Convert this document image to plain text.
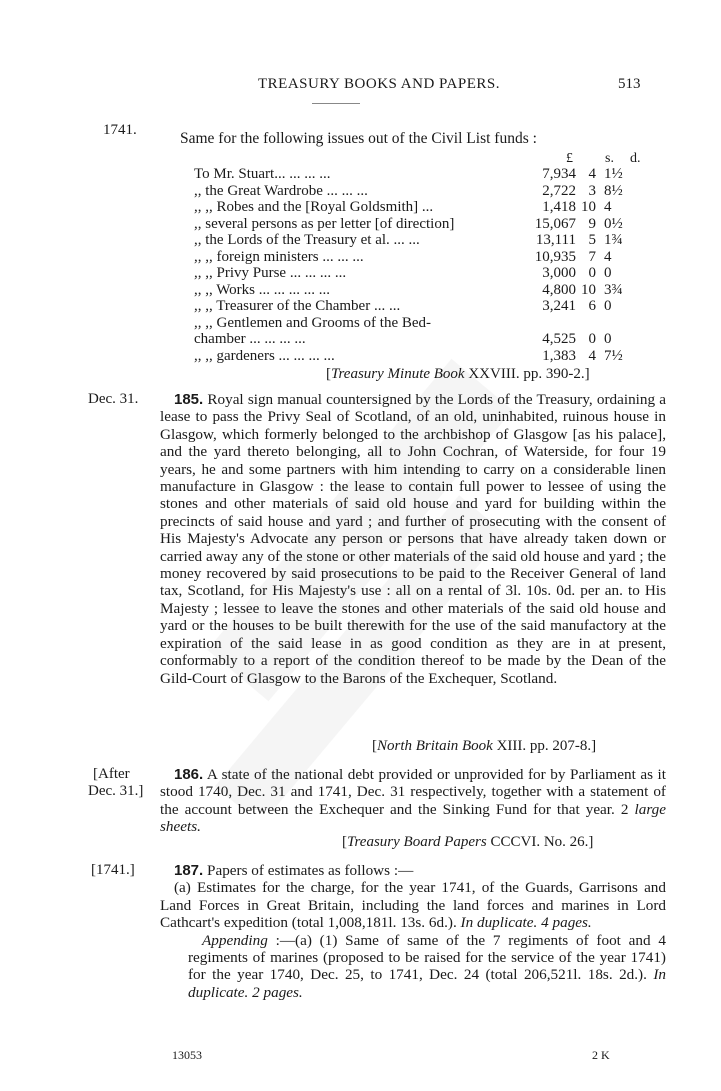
TREASURY BOOKS AND PAPERS.	513
1741.	Same for the following issues out of the Civil List funds :
£ s. d.
To Mr. Stuart... ... ... ...	7,934	4	1½
,, the Great Wardrobe ... ... ...	2,722	3	8½
,, ,, Robes and the [Royal Goldsmith] ...	1,418	10	4
,, several persons as per letter [of direction]	15,067	9	0½
,, the Lords of the Treasury et al. ... ...	13,111	5	1¾
,, ,, foreign ministers ... ... ...	10,935	7	4
,, ,, Privy Purse ... ... ... ...	3,000	0	0
,, ,, Works ... ... ... ... ...	4,800	10	3¾
,, ,, Treasurer of the Chamber ... ...	3,241	6	0
,, ,, Gentlemen and Grooms of the Bed-			
chamber ... ... ... ...	4,525	0	0
,, ,, gardeners ... ... ... ...	1,383	4	7½
[Treasury Minute Book XXVIII. pp. 390-2.]
Dec. 31.	185. Royal sign manual countersigned by the Lords of the Treasury, ordaining a lease to pass the Privy Seal of Scotland, of an old, uninhabited, ruinous house in Glasgow, which formerly belonged to the archbishop of Glasgow [as his palace], and the yard thereto belonging, all to John Cochran, of Waterside, for four 19 years, he and some partners with him intending to carry on a considerable linen manufacture in Glasgow : the lease to contain full power to lessee of using the stones and other materials of said old house and yard for building within the precincts of said house and yard ; and further of prosecuting with the consent of His Majesty's Advocate any person or persons that have already taken down or carried away any of the stone or other materials of the said old house and yard ; the money recovered by said prosecutions to be paid to the Receiver General of land tax, Scotland, for His Majesty's use : all on a rental of 3l. 10s. 0d. per an. to His Majesty ; lessee to leave the stones and other materials of the said old house and yard or the houses to be built therewith for the use of the said manufactory at the expiration of the said lease in as good condition as they are in at present, conformably to a report of the condition thereof to be made by the Dean of the Gild-Court of Glasgow to the Barons of the Exchequer, Scotland.
[North Britain Book XIII. pp. 207-8.]
[After
Dec. 31.]
186. A state of the national debt provided or unprovided for by Parliament as it stood 1740, Dec. 31 and 1741, Dec. 31 respectively, together with a statement of the account between the Exchequer and the Sinking Fund for that year. 2 large sheets.
[Treasury Board Papers CCCVI. No. 26.]
[1741.]	187. Papers of estimates as follows :—
(a) Estimates for the charge, for the year 1741, of the Guards, Garrisons and Land Forces in Great Britain, including the land forces and marines in Lord Cathcart's expedition (total 1,008,181l. 13s. 6d.). In duplicate. 4 pages.
Appending :—(a) (1) Same of same of the 7 regiments of foot and 4 regiments of marines (proposed to be raised for the service of the year 1741) for the year 1740, Dec. 25, to 1741, Dec. 24 (total 206,521l. 18s. 2d.). In duplicate. 2 pages.
13053	2 K
